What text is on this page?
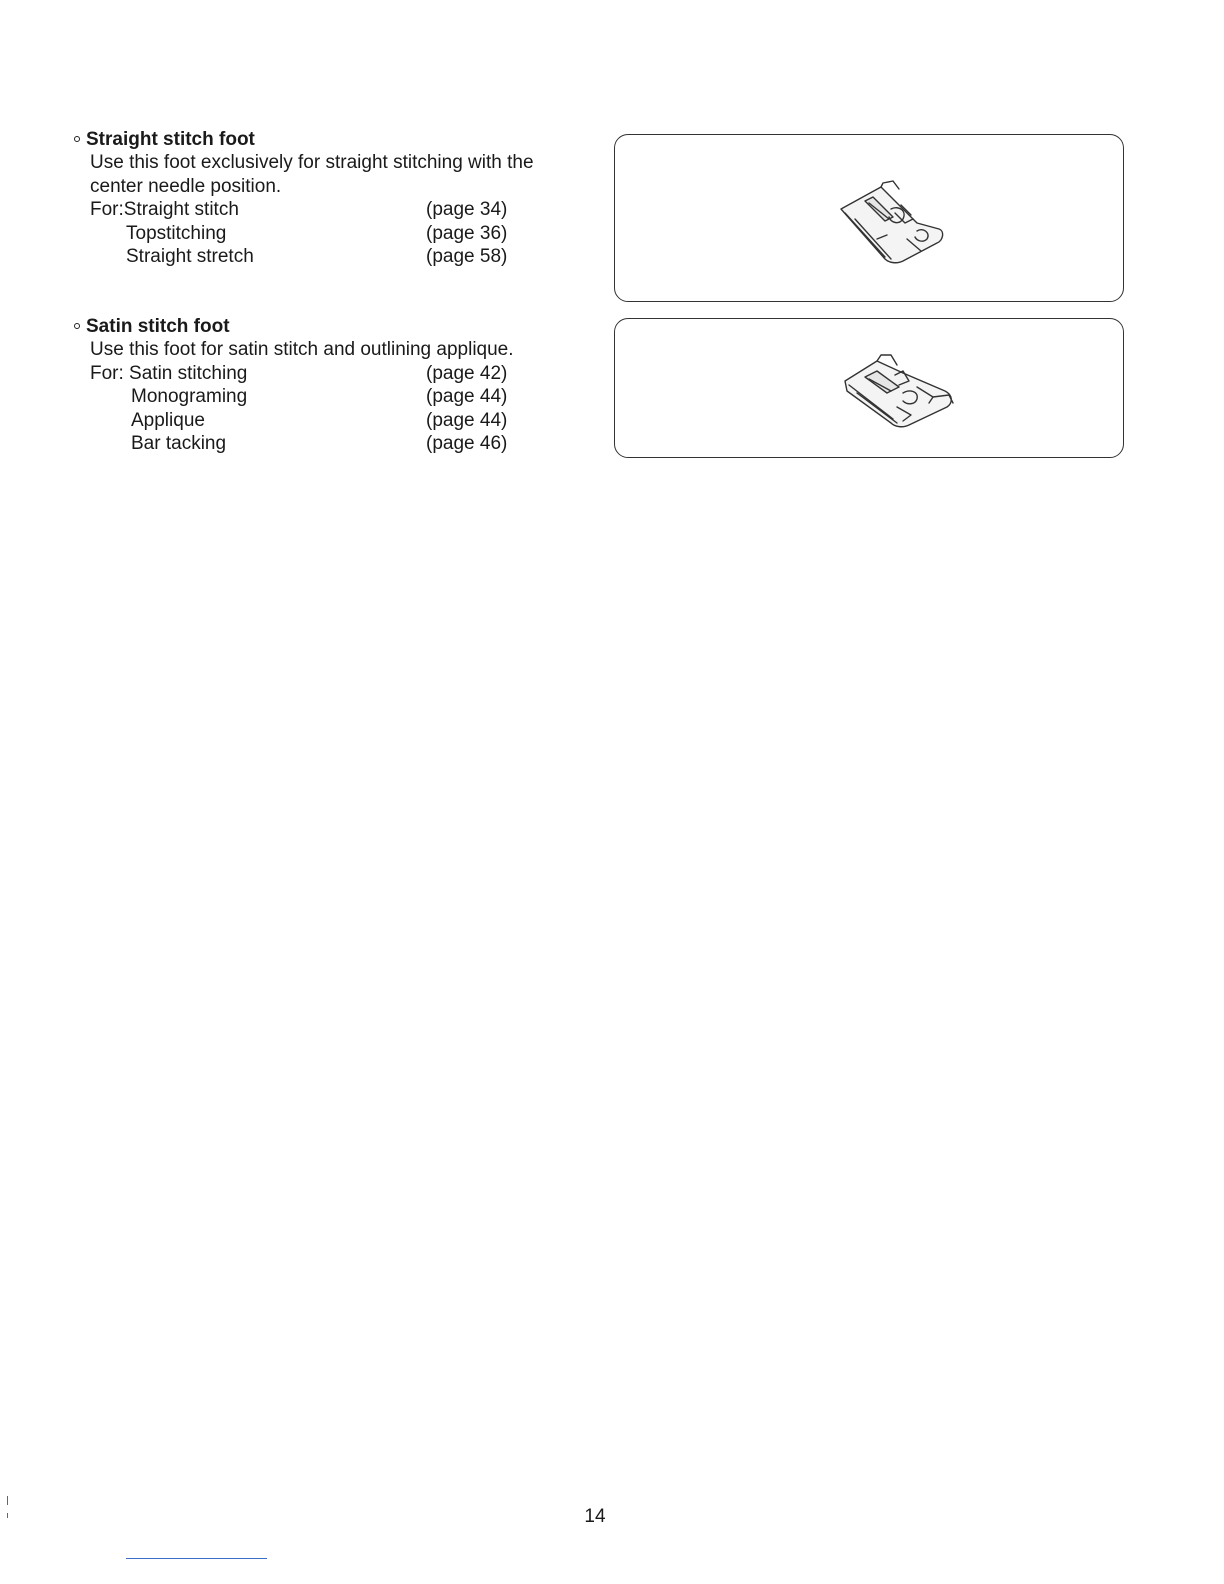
Straight stitch foot
Use this foot exclusively for straight stitching with the center needle position.
For:Straight stitch	(page 34)
Topstitching	(page 36)
Straight stretch	(page 58)
Satin stitch foot
Use this foot for satin stitch and outlining applique.
For: Satin stitching	(page 42)
Monograming	(page 44)
Applique	(page 44)
Bar tacking	(page 46)
14
